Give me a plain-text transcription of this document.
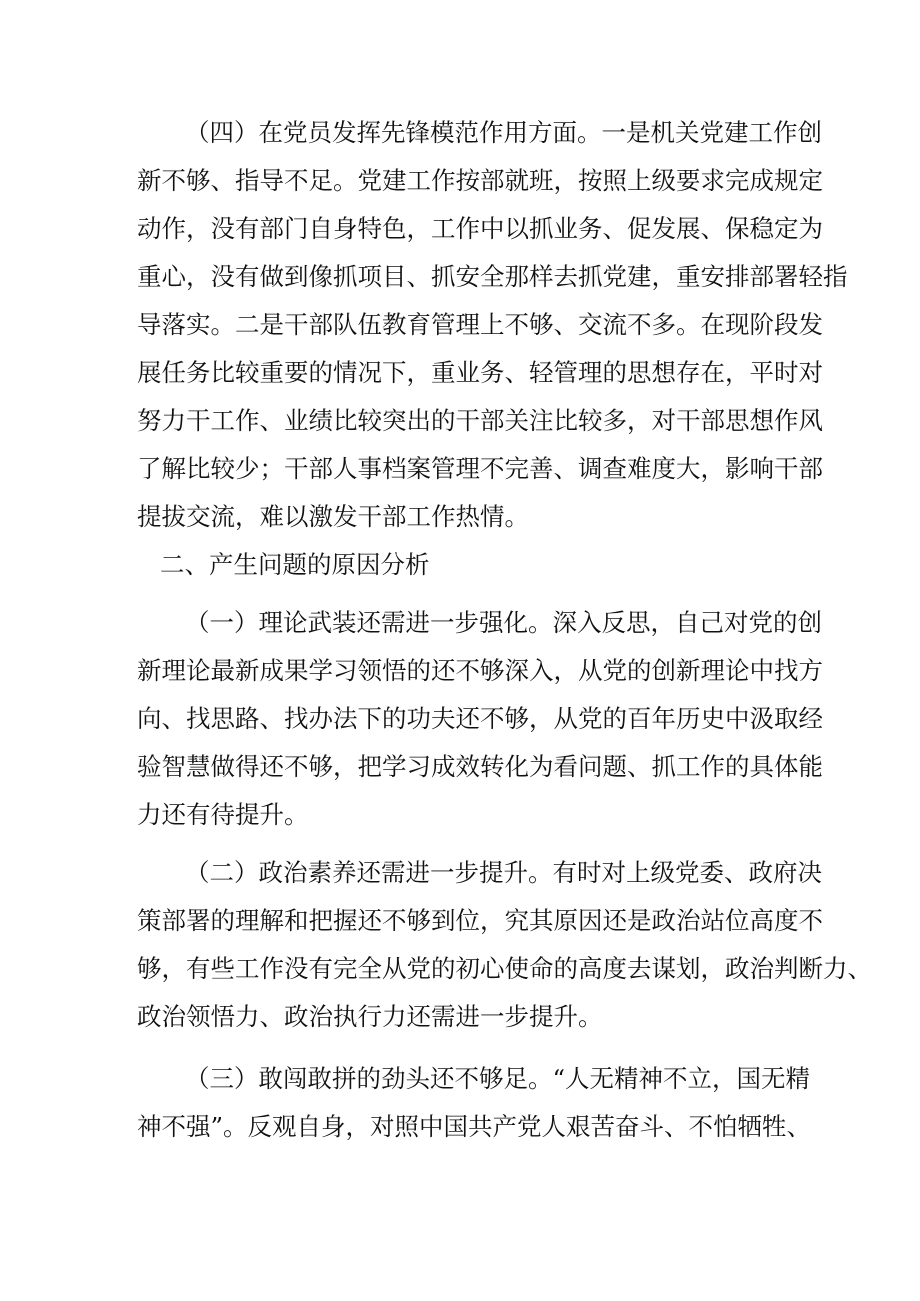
（四）在党员发挥先锋模范作用方面。一是机关党建工作创
新不够、指导不足。党建工作按部就班，按照上级要求完成规定
动作，没有部门自身特色，工作中以抓业务、促发展、保稳定为
重心，没有做到像抓项目、抓安全那样去抓党建，重安排部署轻指
导落实。二是干部队伍教育管理上不够、交流不多。在现阶段发
展任务比较重要的情况下，重业务、轻管理的思想存在，平时对
努力干工作、业绩比较突出的干部关注比较多，对干部思想作风
了解比较少；干部人事档案管理不完善、调查难度大，影响干部
提拔交流，难以激发干部工作热情。
二、产生问题的原因分析
（一）理论武装还需进一步强化。深入反思，自己对党的创
新理论最新成果学习领悟的还不够深入，从党的创新理论中找方
向、找思路、找办法下的功夫还不够，从党的百年历史中汲取经
验智慧做得还不够，把学习成效转化为看问题、抓工作的具体能
力还有待提升。
（二）政治素养还需进一步提升。有时对上级党委、政府决
策部署的理解和把握还不够到位，究其原因还是政治站位高度不
够，有些工作没有完全从党的初心使命的高度去谋划，政治判断力、
政治领悟力、政治执行力还需进一步提升。
（三）敢闯敢拼的劲头还不够足。“人无精神不立，国无精
神不强”。反观自身，对照中国共产党人艰苦奋斗、不怕牺牲、
